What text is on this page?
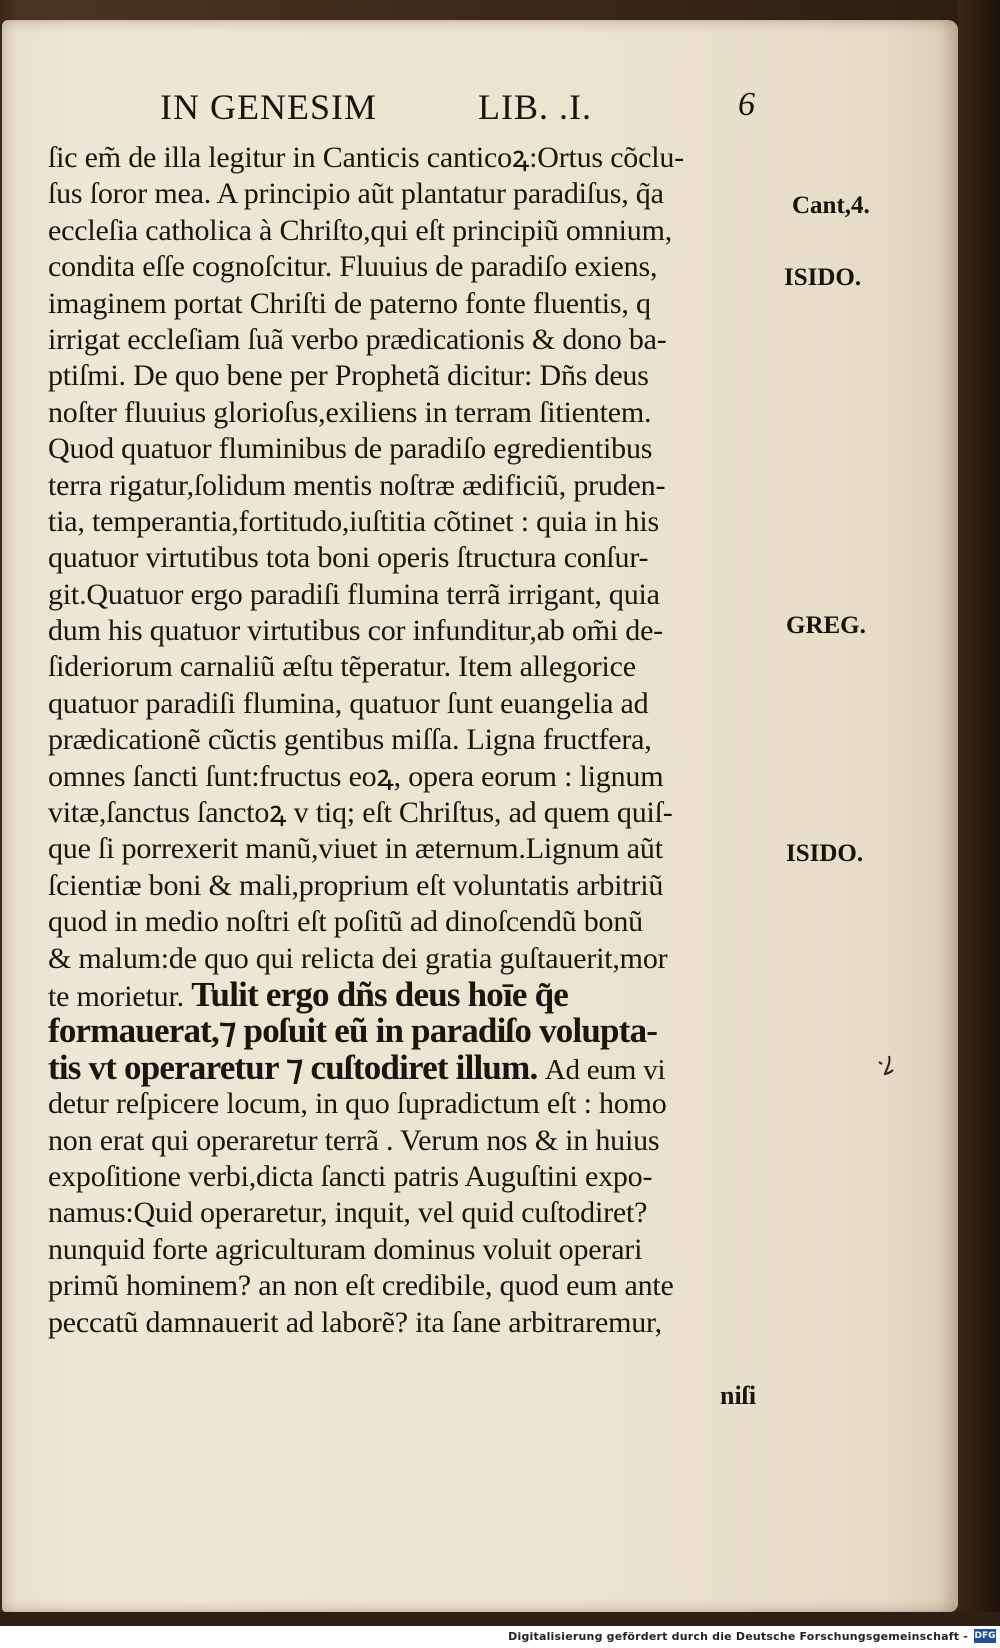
IN GENESIM	LIB. .I.	6
ſic em̃ de illa legitur in Canticis canticoꝝ:Ortus cõclu-
ſus ſoror mea. A principio aũt plantatur paradiſus, q̃a
eccleſia catholica à Chriſto,qui eſt principiũ omnium,
condita eſſe cognoſcitur. Fluuius de paradiſo exiens,
imaginem portat Chriſti de paterno fonte fluentis, q
irrigat eccleſiam ſuã verbo prædicationis & dono ba-
ptiſmi. De quo bene per Prophetã dicitur: Dñs deus
noſter fluuius glorioſus,exiliens in terram ſitientem.
Quod quatuor fluminibus de paradiſo egredientibus
terra rigatur,ſolidum mentis noſtræ ædificiũ, pruden-
tia, temperantia,fortitudo,iuſtitia cõtinet : quia in his
quatuor virtutibus tota boni operis ſtructura conſur-
git.Quatuor ergo paradiſi flumina terrã irrigant, quia
dum his quatuor virtutibus cor infunditur,ab om̃i de-
ſideriorum carnaliũ æſtu tẽperatur. Item allegorice
quatuor paradiſi flumina, quatuor ſunt euangelia ad
prædicationẽ cũctis gentibus miſſa. Ligna fructfera,
omnes ſancti ſunt:fructus eoꝝ, opera eorum : lignum
vitæ,ſanctus ſanctoꝝ v tiq; eſt Chriſtus, ad quem quiſ-
que ſi porrexerit manũ,viuet in æternum.Lignum aũt
ſcientiæ boni & mali,proprium eſt voluntatis arbitriũ
quod in medio noſtri eſt poſitũ ad dinoſcendũ bonũ
& malum:de quo qui relicta dei gratia guſtauerit,mor
te morietur. Tulit ergo dñs deus hoīe q̃e
formauerat,⁊ poſuit eũ in paradiſo volupta-
tis vt operaretur ⁊ cuſtodiret illum. Ad eum vi
detur reſpicere locum, in quo ſupradictum eſt : homo
non erat qui operaretur terrã . Verum nos & in huius
expoſitione verbi,dicta ſancti patris Auguſtini expo-
namus:Quid operaretur, inquit, vel quid cuſtodiret?
nunquid forte agriculturam dominus voluit operari
primũ hominem? an non eſt credibile, quod eum ante
peccatũ damnauerit ad laborẽ? ita ſane arbitraremur,
niſi
Cant,4.
ISIDO.
GREG.
ISIDO.
Digitalisierung gefördert durch die Deutsche Forschungsgemeinschaft - DFG
